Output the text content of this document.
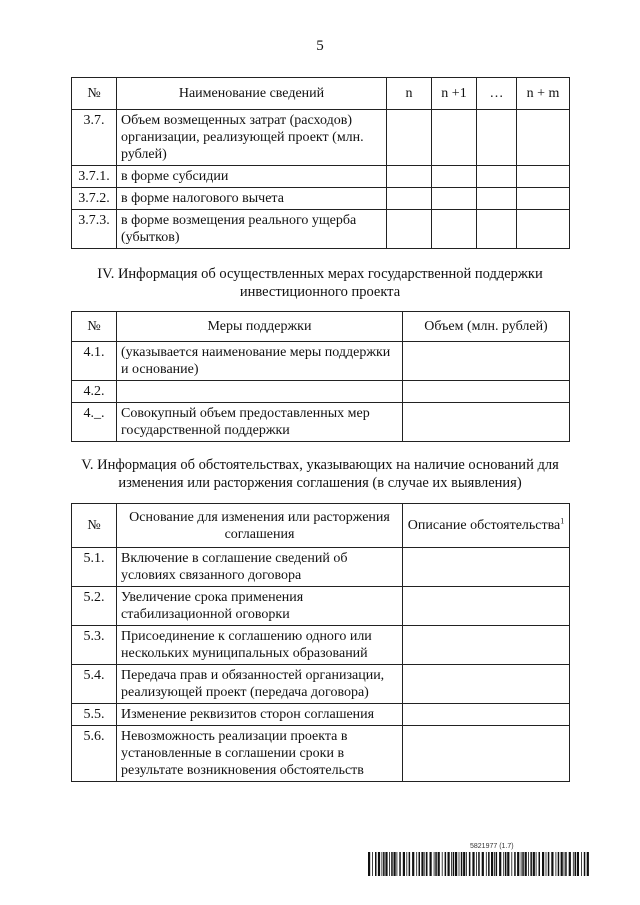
5
№	Наименование сведений	n	n +1	…	n + m
3.7.	Объем возмещенных затрат (расходов) организации, реализующей проект (млн. рублей)				
3.7.1.	в форме субсидии				
3.7.2.	в форме налогового вычета				
3.7.3.	в форме возмещения реального ущерба (убытков)				
IV. Информация об осуществленных мерах государственной поддержки инвестиционного проекта
№	Меры поддержки	Объем (млн. рублей)
4.1.	(указывается наименование меры поддержки и основание)	
4.2.		
4._.	Совокупный объем предоставленных мер государственной поддержки	
V. Информация об обстоятельствах, указывающих на наличие оснований для изменения или расторжения соглашения (в случае их выявления)
№	Основание для изменения или расторжения соглашения	Описание обстоятельства$^1$
5.1.	Включение в соглашение сведений об условиях связанного договора	
5.2.	Увеличение срока применения стабилизационной оговорки	
5.3.	Присоединение к соглашению одного или нескольких муниципальных образований	
5.4.	Передача прав и обязанностей организации, реализующей проект (передача договора)	
5.5.	Изменение реквизитов сторон соглашения	
5.6.	Невозможность реализации проекта в установленные в соглашении сроки в результате возникновения обстоятельств	
5821977 (1.7)
